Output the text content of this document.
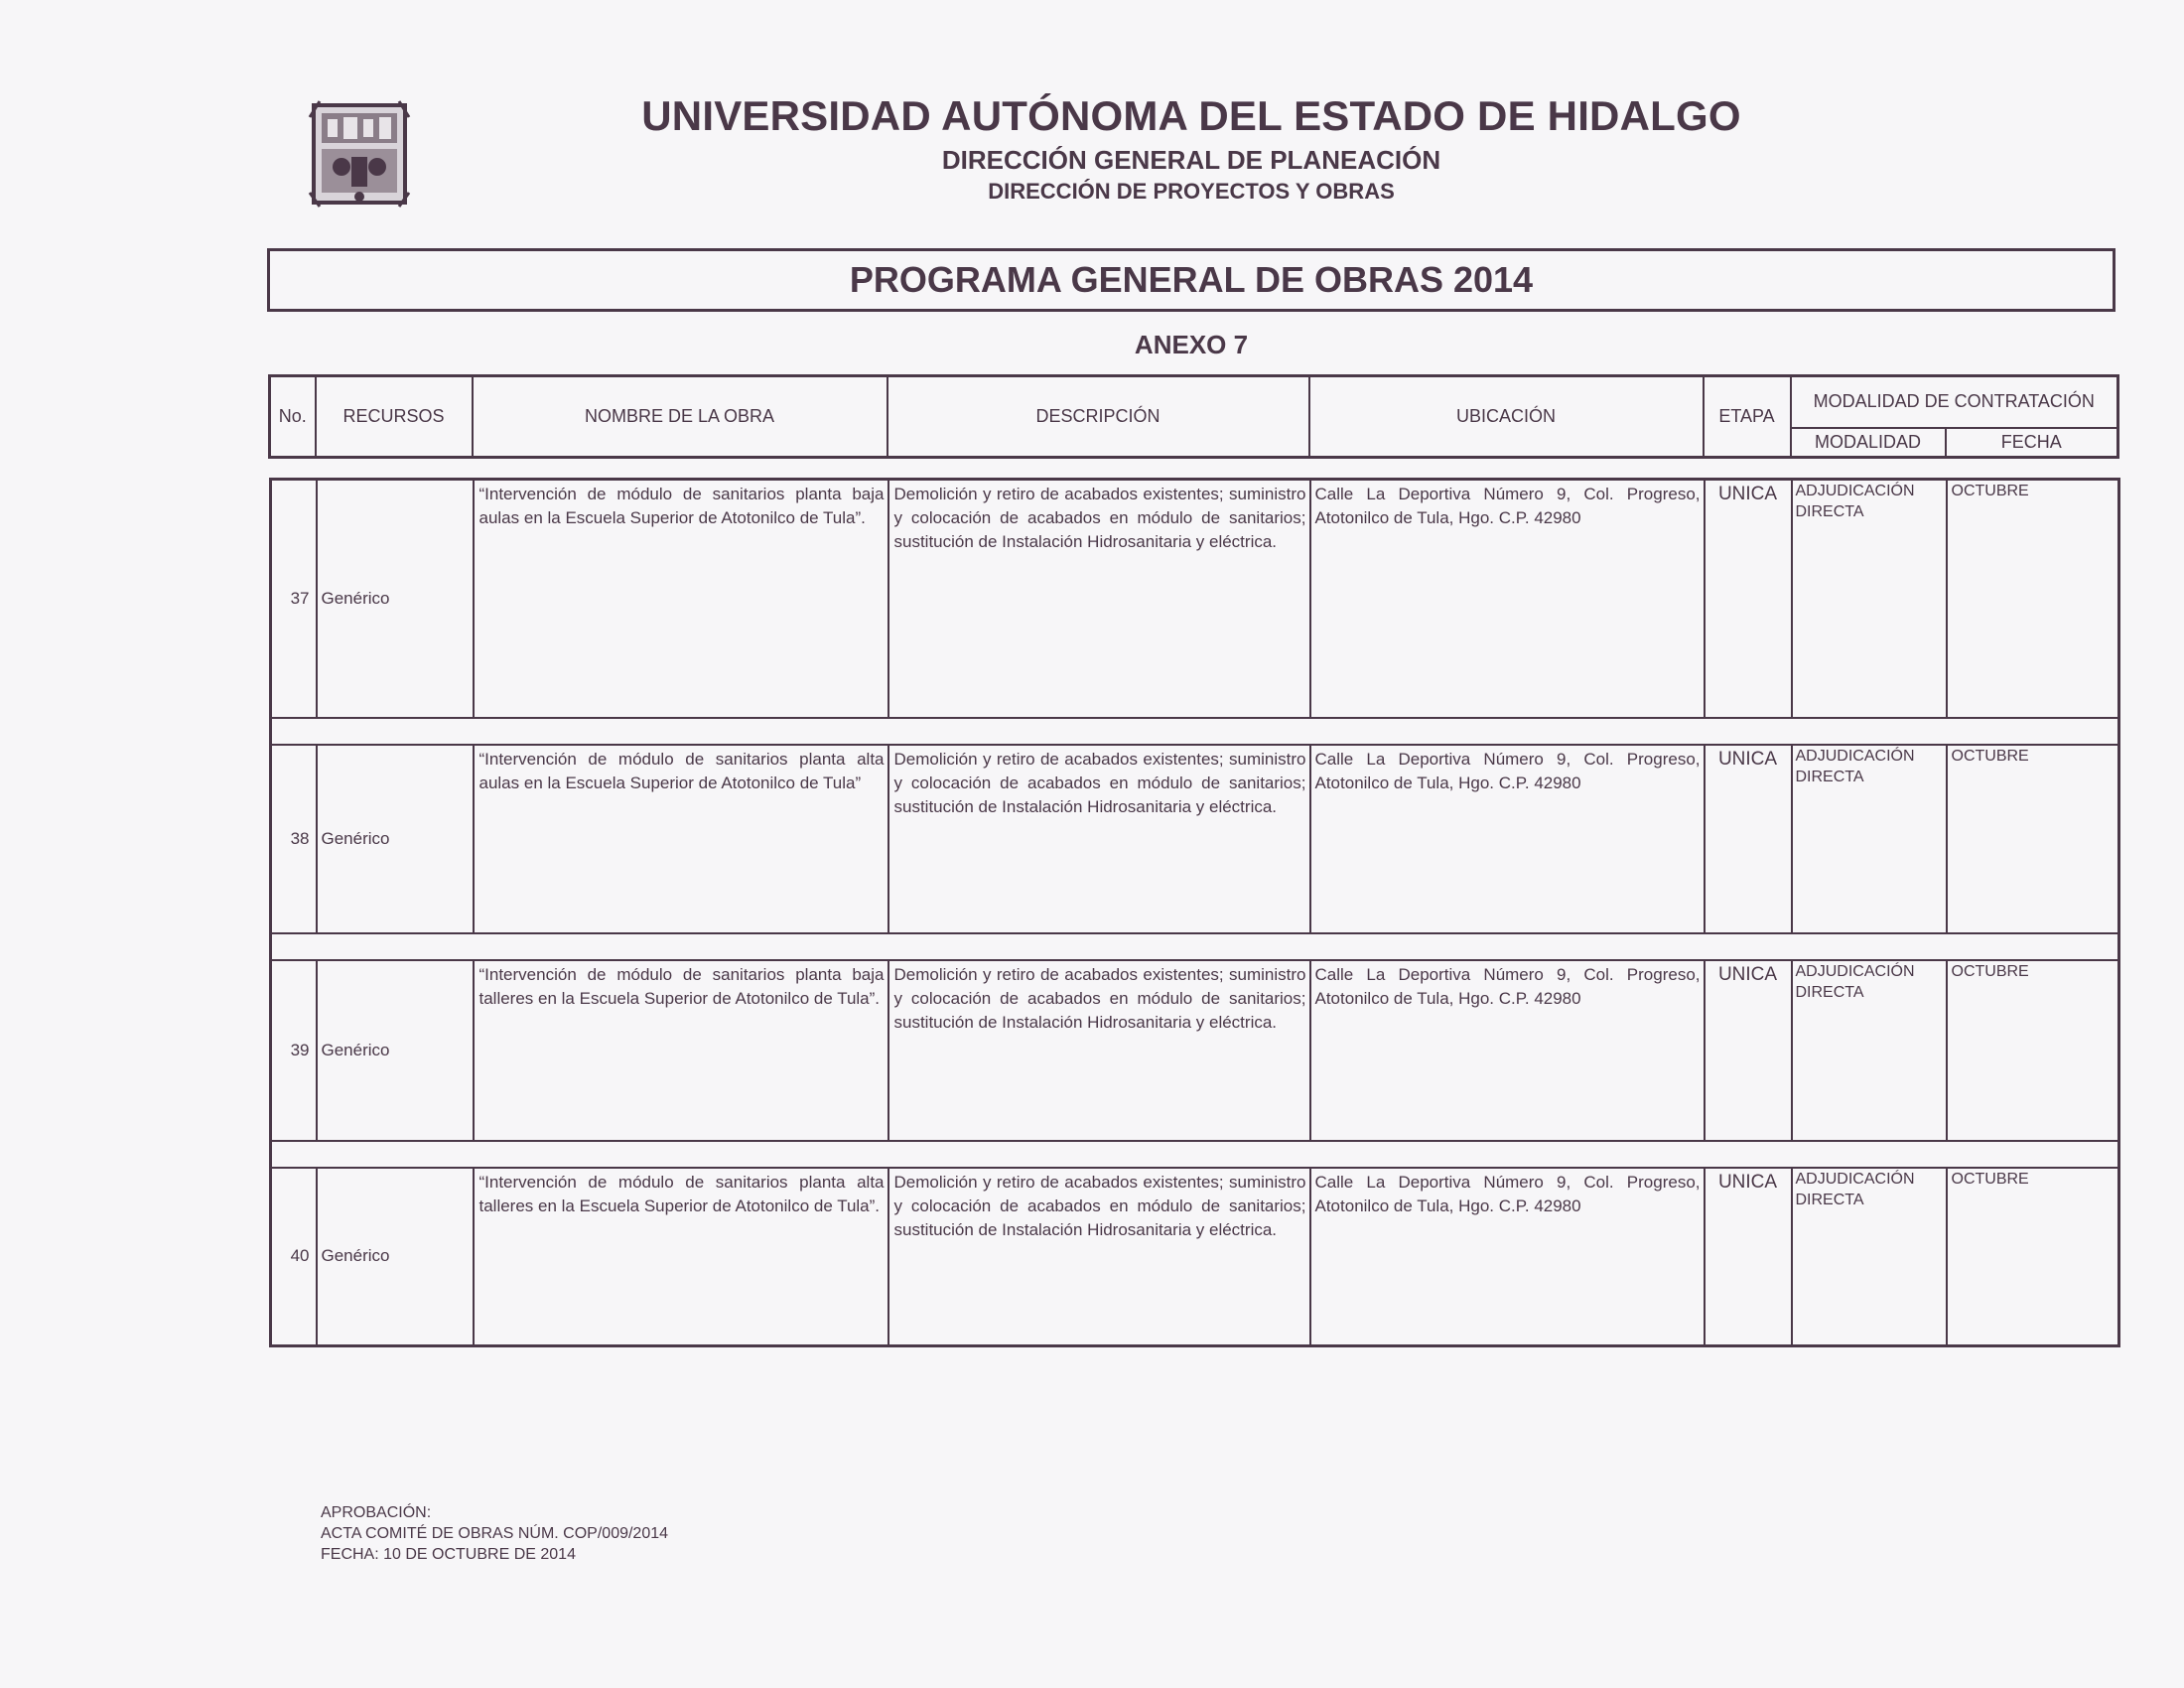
UNIVERSIDAD AUTÓNOMA DEL ESTADO DE HIDALGO
DIRECCIÓN GENERAL DE PLANEACIÓN
DIRECCIÓN DE PROYECTOS Y OBRAS
PROGRAMA GENERAL DE OBRAS 2014
ANEXO 7
No.	RECURSOS	NOMBRE DE LA OBRA	DESCRIPCIÓN	UBICACIÓN	ETAPA	MODALIDAD DE CONTRATACIÓN	
						MODALIDAD	FECHA
37	Genérico	“Intervención de módulo de sanitarios planta baja aulas en la Escuela Superior de Atotonilco de Tula”.	Demolición y retiro de acabados existentes; suministro y colocación de acabados en módulo de sanitarios; sustitución de Instalación Hidrosanitaria y eléctrica.	Calle La Deportiva Número 9, Col. Progreso, Atotonilco de Tula, Hgo. C.P. 42980	UNICA	ADJUDICACIÓN DIRECTA	OCTUBRE

38	Genérico	“Intervención de módulo de sanitarios planta alta aulas en la Escuela Superior de Atotonilco de Tula”	Demolición y retiro de acabados existentes; suministro y colocación de acabados en módulo de sanitarios; sustitución de Instalación Hidrosanitaria y eléctrica.	Calle La Deportiva Número 9, Col. Progreso, Atotonilco de Tula, Hgo. C.P. 42980	UNICA	ADJUDICACIÓN DIRECTA	OCTUBRE

39	Genérico	“Intervención de módulo de sanitarios planta baja talleres en la Escuela Superior de Atotonilco de Tula”.	Demolición y retiro de acabados existentes; suministro y colocación de acabados en módulo de sanitarios; sustitución de Instalación Hidrosanitaria y eléctrica.	Calle La Deportiva Número 9, Col. Progreso, Atotonilco de Tula, Hgo. C.P. 42980	UNICA	ADJUDICACIÓN DIRECTA	OCTUBRE

40	Genérico	“Intervención de módulo de sanitarios planta alta talleres en la Escuela Superior de Atotonilco de Tula”.	Demolición y retiro de acabados existentes; suministro y colocación de acabados en módulo de sanitarios; sustitución de Instalación Hidrosanitaria y eléctrica.	Calle La Deportiva Número 9, Col. Progreso, Atotonilco de Tula, Hgo. C.P. 42980	UNICA	ADJUDICACIÓN DIRECTA	OCTUBRE
APROBACIÓN:
ACTA COMITÉ DE OBRAS NÚM. COP/009/2014
FECHA: 10 DE OCTUBRE DE 2014
